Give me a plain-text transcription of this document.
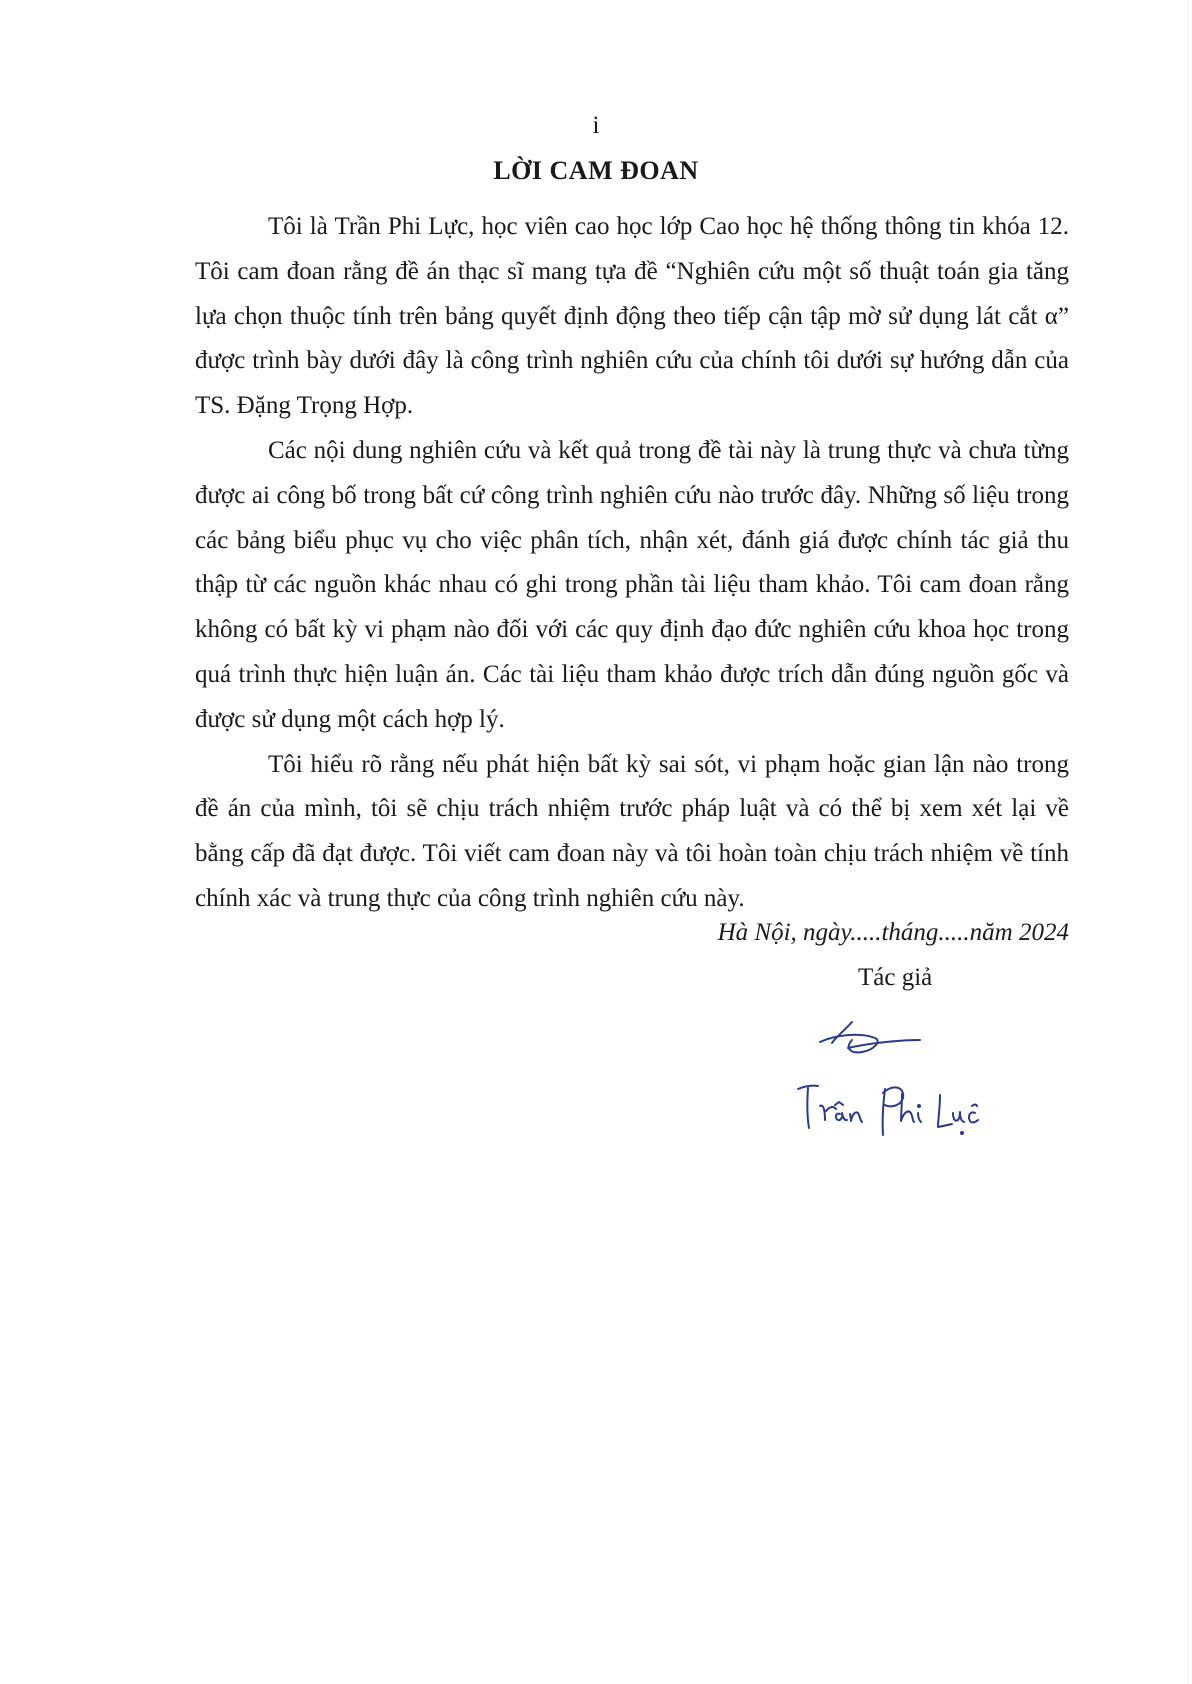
i
LỜI CAM ĐOAN

Tôi là Trần Phi Lực, học viên cao học lớp Cao học hệ thống thông tin khóa 12. Tôi cam đoan rằng đề án thạc sĩ mang tựa đề “Nghiên cứu một số thuật toán gia tăng lựa chọn thuộc tính trên bảng quyết định động theo tiếp cận tập mờ sử dụng lát cắt α” được trình bày dưới đây là công trình nghiên cứu của chính tôi dưới sự hướng dẫn của TS. Đặng Trọng Hợp.

Các nội dung nghiên cứu và kết quả trong đề tài này là trung thực và chưa từng được ai công bố trong bất cứ công trình nghiên cứu nào trước đây. Những số liệu trong các bảng biểu phục vụ cho việc phân tích, nhận xét, đánh giá được chính tác giả thu thập từ các nguồn khác nhau có ghi trong phần tài liệu tham khảo. Tôi cam đoan rằng không có bất kỳ vi phạm nào đối với các quy định đạo đức nghiên cứu khoa học trong quá trình thực hiện luận án. Các tài liệu tham khảo được trích dẫn đúng nguồn gốc và được sử dụng một cách hợp lý.

Tôi hiểu rõ rằng nếu phát hiện bất kỳ sai sót, vi phạm hoặc gian lận nào trong đề án của mình, tôi sẽ chịu trách nhiệm trước pháp luật và có thể bị xem xét lại về bằng cấp đã đạt được. Tôi viết cam đoan này và tôi hoàn toàn chịu trách nhiệm về tính chính xác và trung thực của công trình nghiên cứu này.

Hà Nội, ngày.....tháng.....năm 2024
Tác giả
